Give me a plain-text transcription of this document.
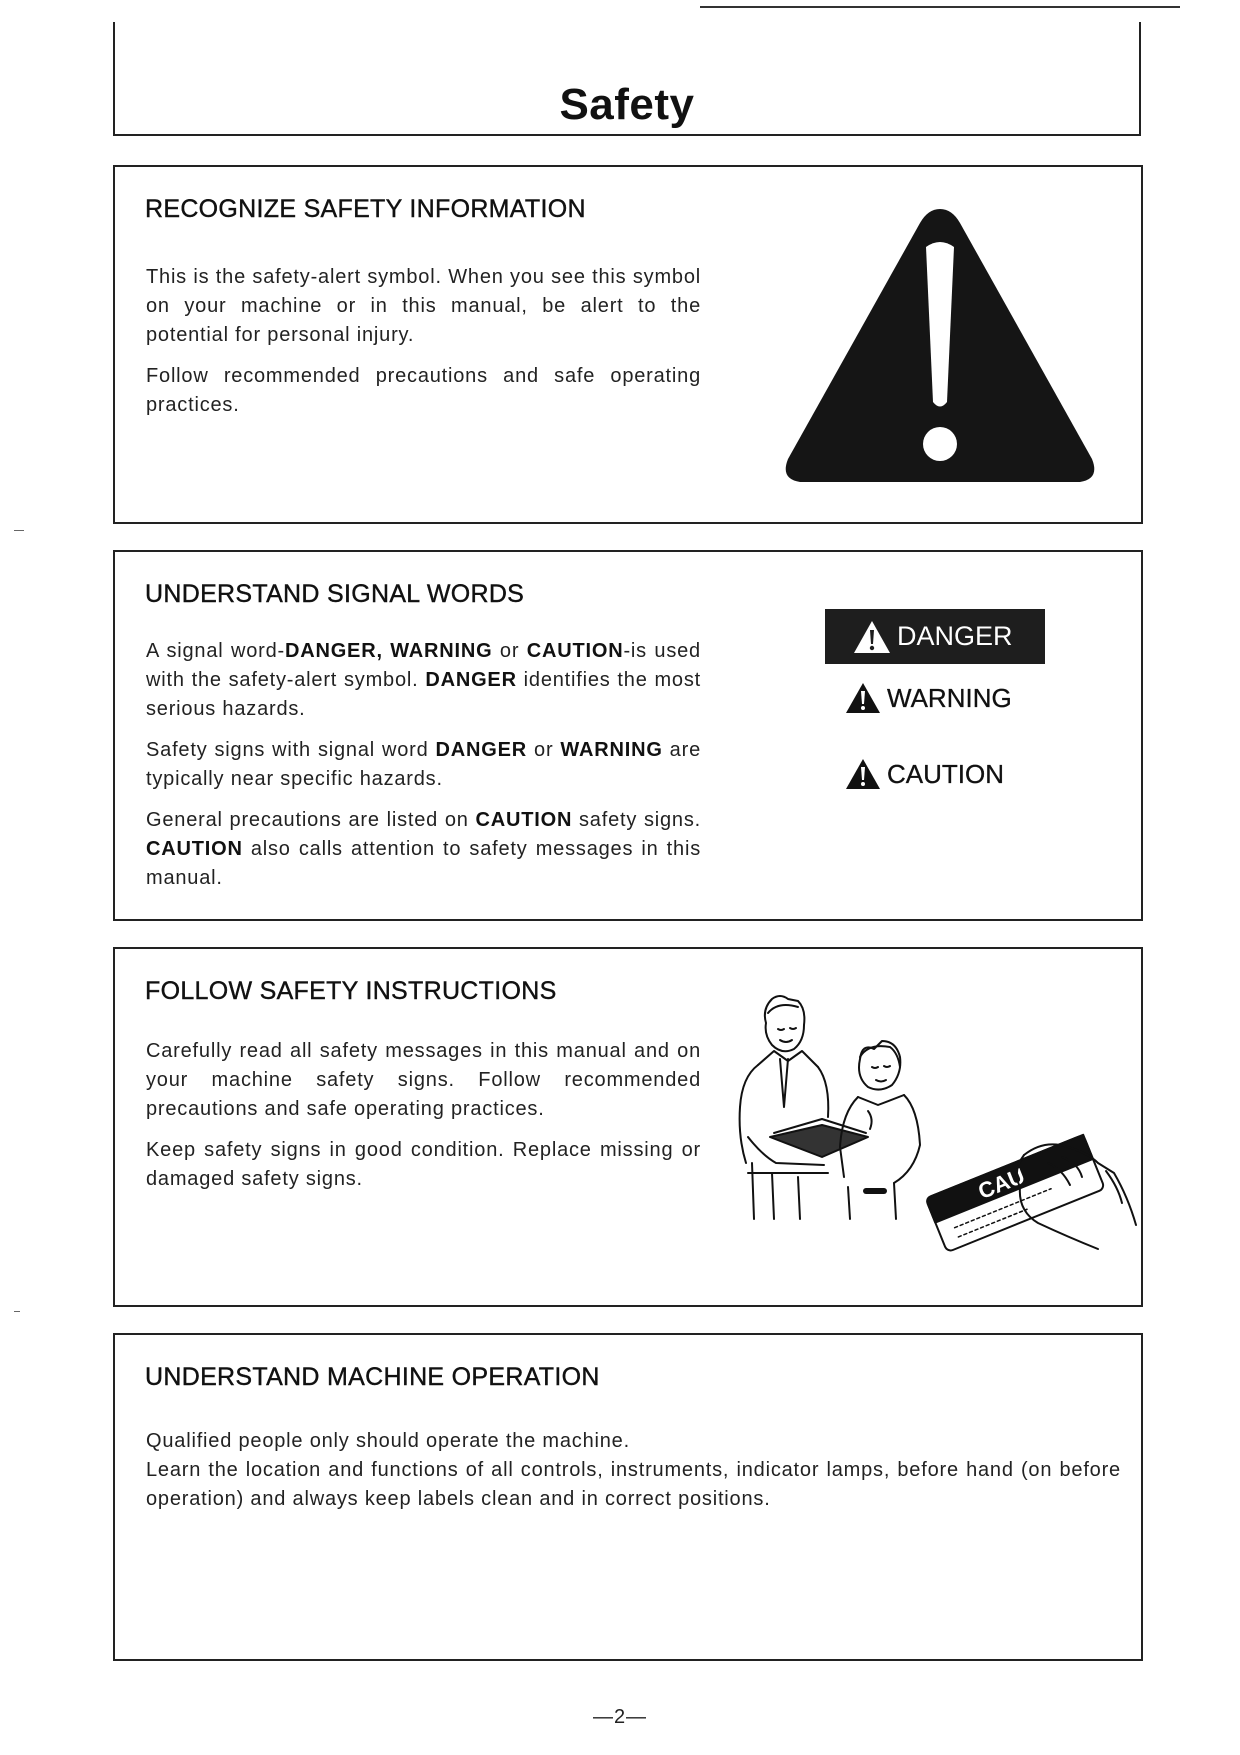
Safety
RECOGNIZE SAFETY INFORMATION

This is the safety-alert symbol. When you see this symbol on your machine or in this manual, be alert to the potential for personal injury.

Follow recommended precautions and safe operating practices.

UNDERSTAND SIGNAL WORDS

A signal word-DANGER, WARNING or CAUTION-is used with the safety-alert symbol. DANGER identifies the most serious hazards.

Safety signs with signal word DANGER or WARNING are typically near specific hazards.

General precautions are listed on CAUTION safety signs. CAUTION also calls attention to safety messages in this manual.

DANGER
WARNING
CAUTION
FOLLOW SAFETY INSTRUCTIONS

Carefully read all safety messages in this manual and on your machine safety signs. Follow recommended precautions and safe operating practices.

Keep safety signs in good condition. Replace missing or damaged safety signs.	CAU
UNDERSTAND MACHINE OPERATION

Qualified people only should operate the machine.

Learn the location and functions of all controls, instruments, indicator lamps, before hand (on before operation) and always keep labels clean and in correct positions.

—2—
